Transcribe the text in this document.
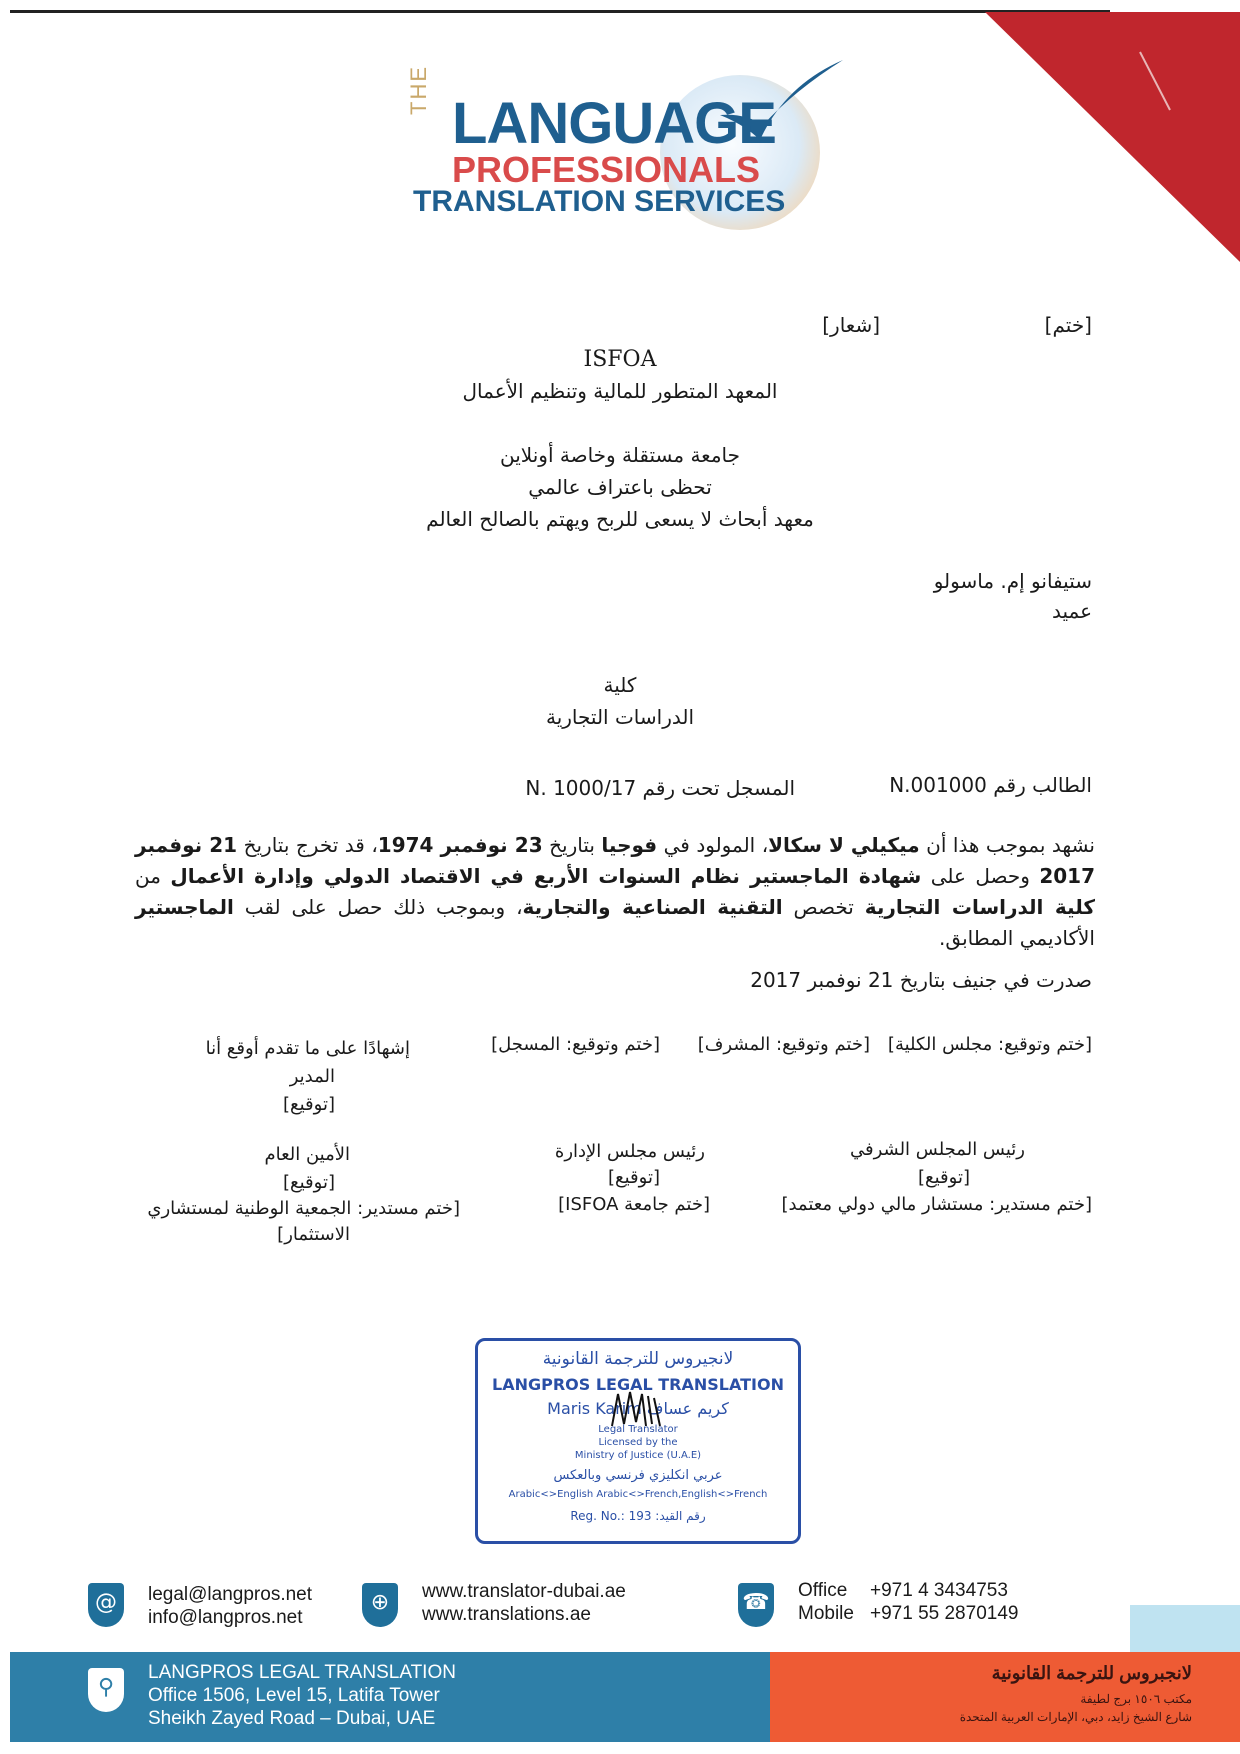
THE
LANGUAGE
PROFESSIONALS
TRANSLATION SERVICES
[ختم]
[شعار]
ISFOA
المعهد المتطور للمالية وتنظيم الأعمال
جامعة مستقلة وخاصة أونلاين
تحظى باعتراف عالمي
معهد أبحاث لا يسعى للربح ويهتم بالصالح العالم
ستيفانو إم. ماسولو
عميد
كلية
الدراسات التجارية
الطالب رقم N.001000
المسجل تحت رقم N. 1000/17
نشهد بموجب هذا أن ميكيلي لا سكالا، المولود في فوجيا بتاريخ 23 نوفمبر 1974، قد تخرج بتاريخ 21 نوفمبر 2017 وحصل على شهادة الماجستير نظام السنوات الأربع في الاقتصاد الدولي وإدارة الأعمال من كلية الدراسات التجارية تخصص التقنية الصناعية والتجارية، وبموجب ذلك حصل على لقب الماجستير الأكاديمي المطابق.
صدرت في جنيف بتاريخ 21 نوفمبر 2017
[ختم وتوقيع: مجلس الكلية]
[ختم وتوقيع: المشرف]
[ختم وتوقيع: المسجل]
إشهادًا على ما تقدم أوقع أنا
المدير
[توقيع]
رئيس المجلس الشرفي
[توقيع]
[ختم مستدير: مستشار مالي دولي معتمد]
رئيس مجلس الإدارة
[توقيع]
[ختم جامعة ISFOA]
الأمين العام
[توقيع]
[ختم مستدير: الجمعية الوطنية لمستشاري
الاستثمار]
لانجيروس للترجمة القانونية
LANGPROS LEGAL TRANSLATION
Maris Karim كريم عساف
Legal Translator
Licensed by the
Ministry of Justice (U.A.E)
عربي انكليزي فرنسي وبالعكس
Arabic<>English Arabic<>French,English<>French
Reg. No.: 193 :رقم القيد
@	legal@langpros.net
info@langpros.net
⊕	www.translator-dubai.ae
www.translations.ae	☎ Office +971 4 3434753
Mobile +971 55 2870149
⚲
LANGPROS LEGAL TRANSLATION
Office 1506, Level 15, Latifa Tower
Sheikh Zayed Road – Dubai, UAE
لانجبروس للترجمة القانونية
مكتب ١٥٠٦ برج لطيفة
شارع الشيخ زايد، دبي، الإمارات العربية المتحدة
